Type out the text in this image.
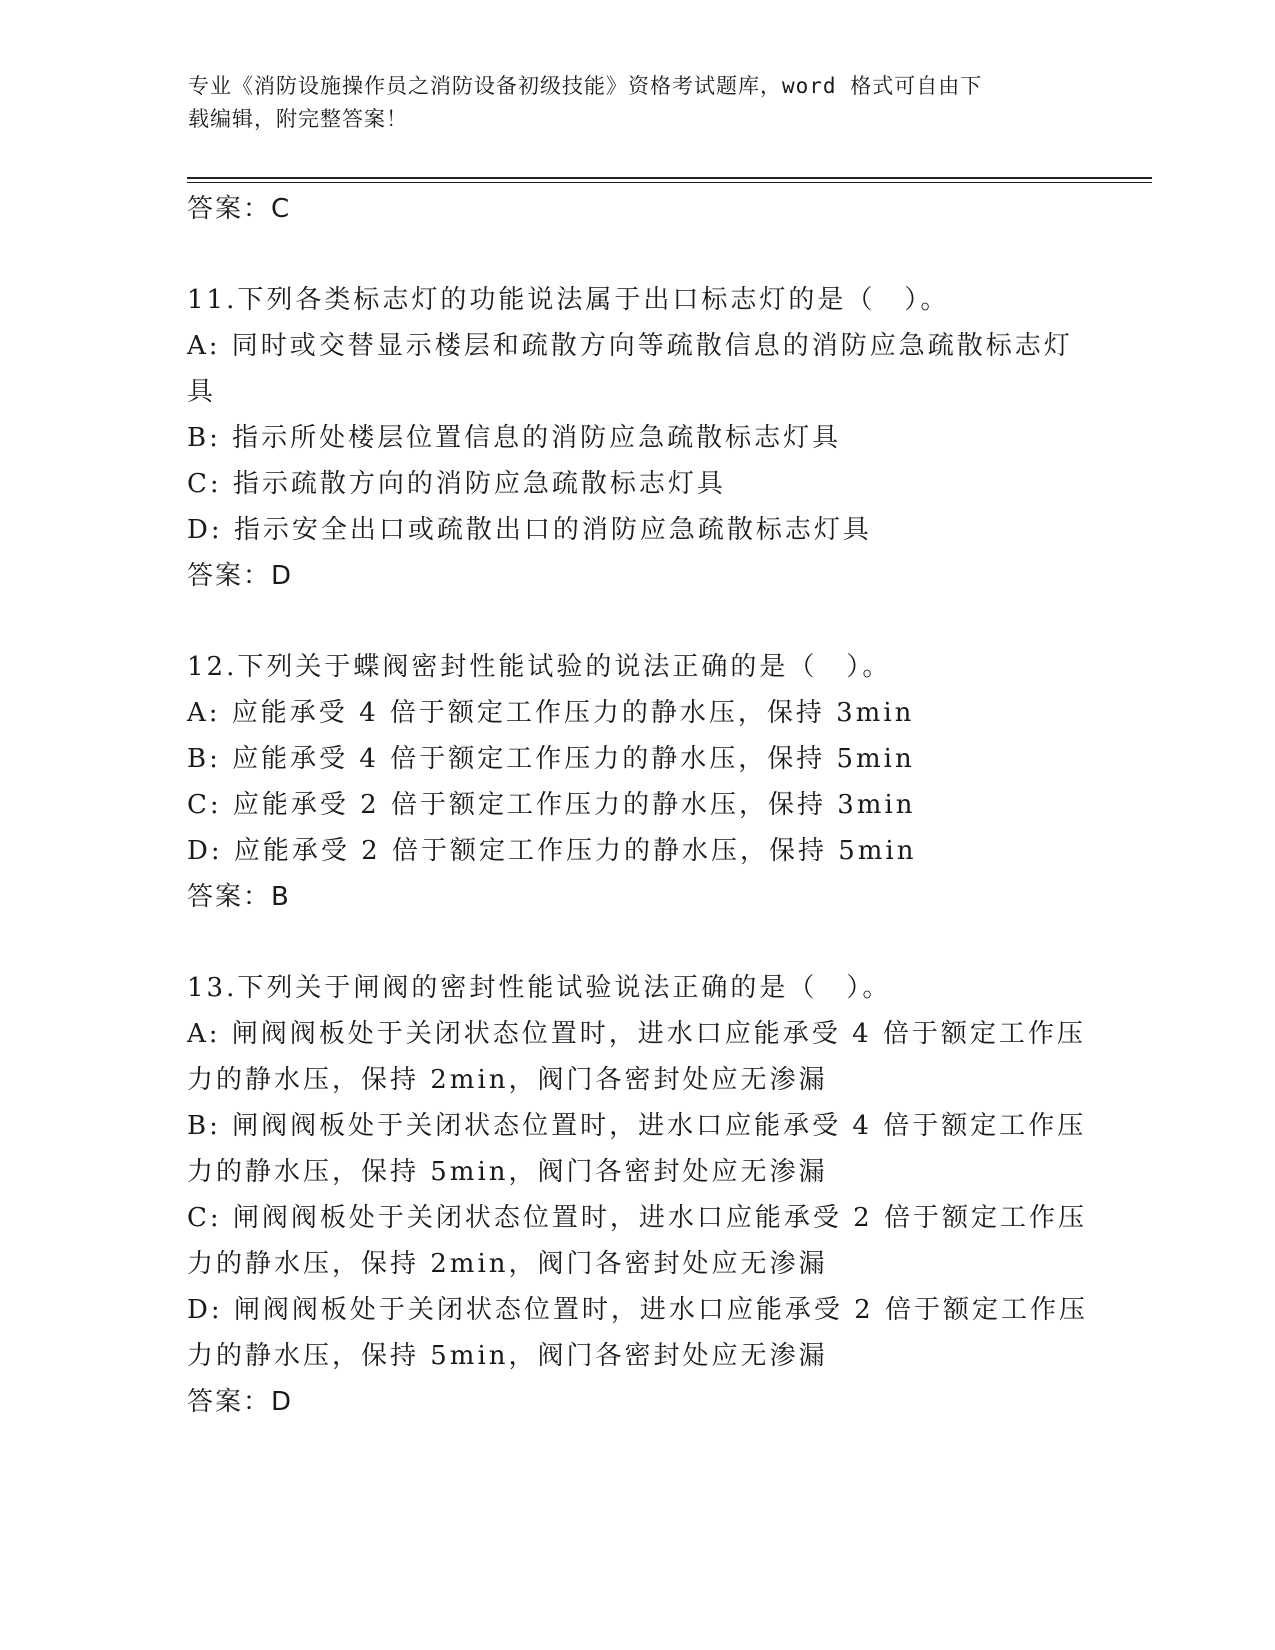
专业《消防设施操作员之消防设备初级技能》资格考试题库，word 格式可自由下
载编辑，附完整答案！
答案：C
11.下列各类标志灯的功能说法属于出口标志灯的是（　）。
A: 同时或交替显示楼层和疏散方向等疏散信息的消防应急疏散标志灯
具
B: 指示所处楼层位置信息的消防应急疏散标志灯具
C: 指示疏散方向的消防应急疏散标志灯具
D: 指示安全出口或疏散出口的消防应急疏散标志灯具
答案：D
12.下列关于蝶阀密封性能试验的说法正确的是（　）。
A: 应能承受 4 倍于额定工作压力的静水压，保持 3min
B: 应能承受 4 倍于额定工作压力的静水压，保持 5min
C: 应能承受 2 倍于额定工作压力的静水压，保持 3min
D: 应能承受 2 倍于额定工作压力的静水压，保持 5min
答案：B
13.下列关于闸阀的密封性能试验说法正确的是（　）。
A: 闸阀阀板处于关闭状态位置时，进水口应能承受 4 倍于额定工作压
力的静水压，保持 2min，阀门各密封处应无渗漏
B: 闸阀阀板处于关闭状态位置时，进水口应能承受 4 倍于额定工作压
力的静水压，保持 5min，阀门各密封处应无渗漏
C: 闸阀阀板处于关闭状态位置时，进水口应能承受 2 倍于额定工作压
力的静水压，保持 2min，阀门各密封处应无渗漏
D: 闸阀阀板处于关闭状态位置时，进水口应能承受 2 倍于额定工作压
力的静水压，保持 5min，阀门各密封处应无渗漏
答案：D
